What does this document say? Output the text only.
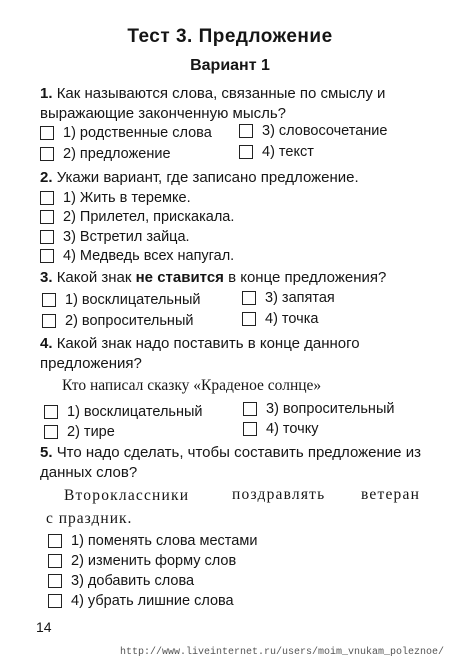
Тест 3. Предложение
Вариант 1
1. Как называются слова, связанные по смыслу и выражающие законченную мысль?
1) родственные слова
2) предложение
3) словосочетание
4) текст
2. Укажи вариант, где записано предложение.
1) Жить в теремке.
2) Прилетел, прискакала.
3) Встретил зайца.
4) Медведь всех напугал.
3. Какой знак не ставится в конце предложения?
1) восклицательный
2) вопросительный
3) запятая
4) точка
4. Какой знак надо поставить в конце данного предложения?
Кто написал сказку «Краденое солнце»
1) восклицательный
2) тире
3) вопросительный
4) точку
5. Что надо сделать, чтобы составить предложение из данных слов?
Второклассники	поздравлять ветеран
с праздник.
1) поменять слова местами
2) изменить форму слов
3) добавить слова
4) убрать лишние слова
14
http://www.liveinternet.ru/users/moim_vnukam_poleznoe/
